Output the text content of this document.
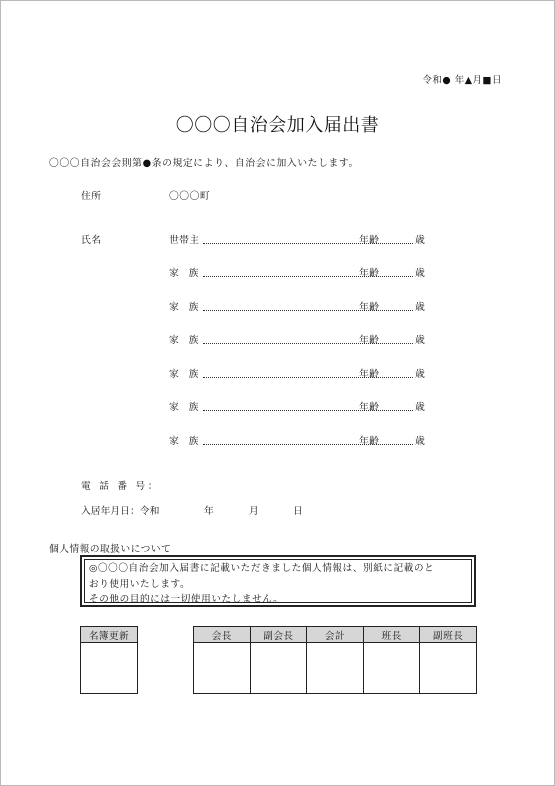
令和● 年▲月■日
〇〇〇自治会加入届出書
〇〇〇自治会会則第●条の規定により、自治会に加入いたします。
住所	〇〇〇町
氏名	世帯主	年齢	歳
家　族	年齢	歳
家　族	年齢	歳
家　族	年齢	歳
家　族	年齢	歳
家　族	年齢	歳
家　族	年齢	歳
電 話 番 号：
入居年月日：令和	年	月	日
個人情報の取扱いについて
◎〇〇〇自治会加入届書に記載いただきました個人情報は、別紙に記載のと
おり使用いたします。
その他の目的には一切使用いたしません。
名簿更新	会長	副会長	会計	班長	副班長
